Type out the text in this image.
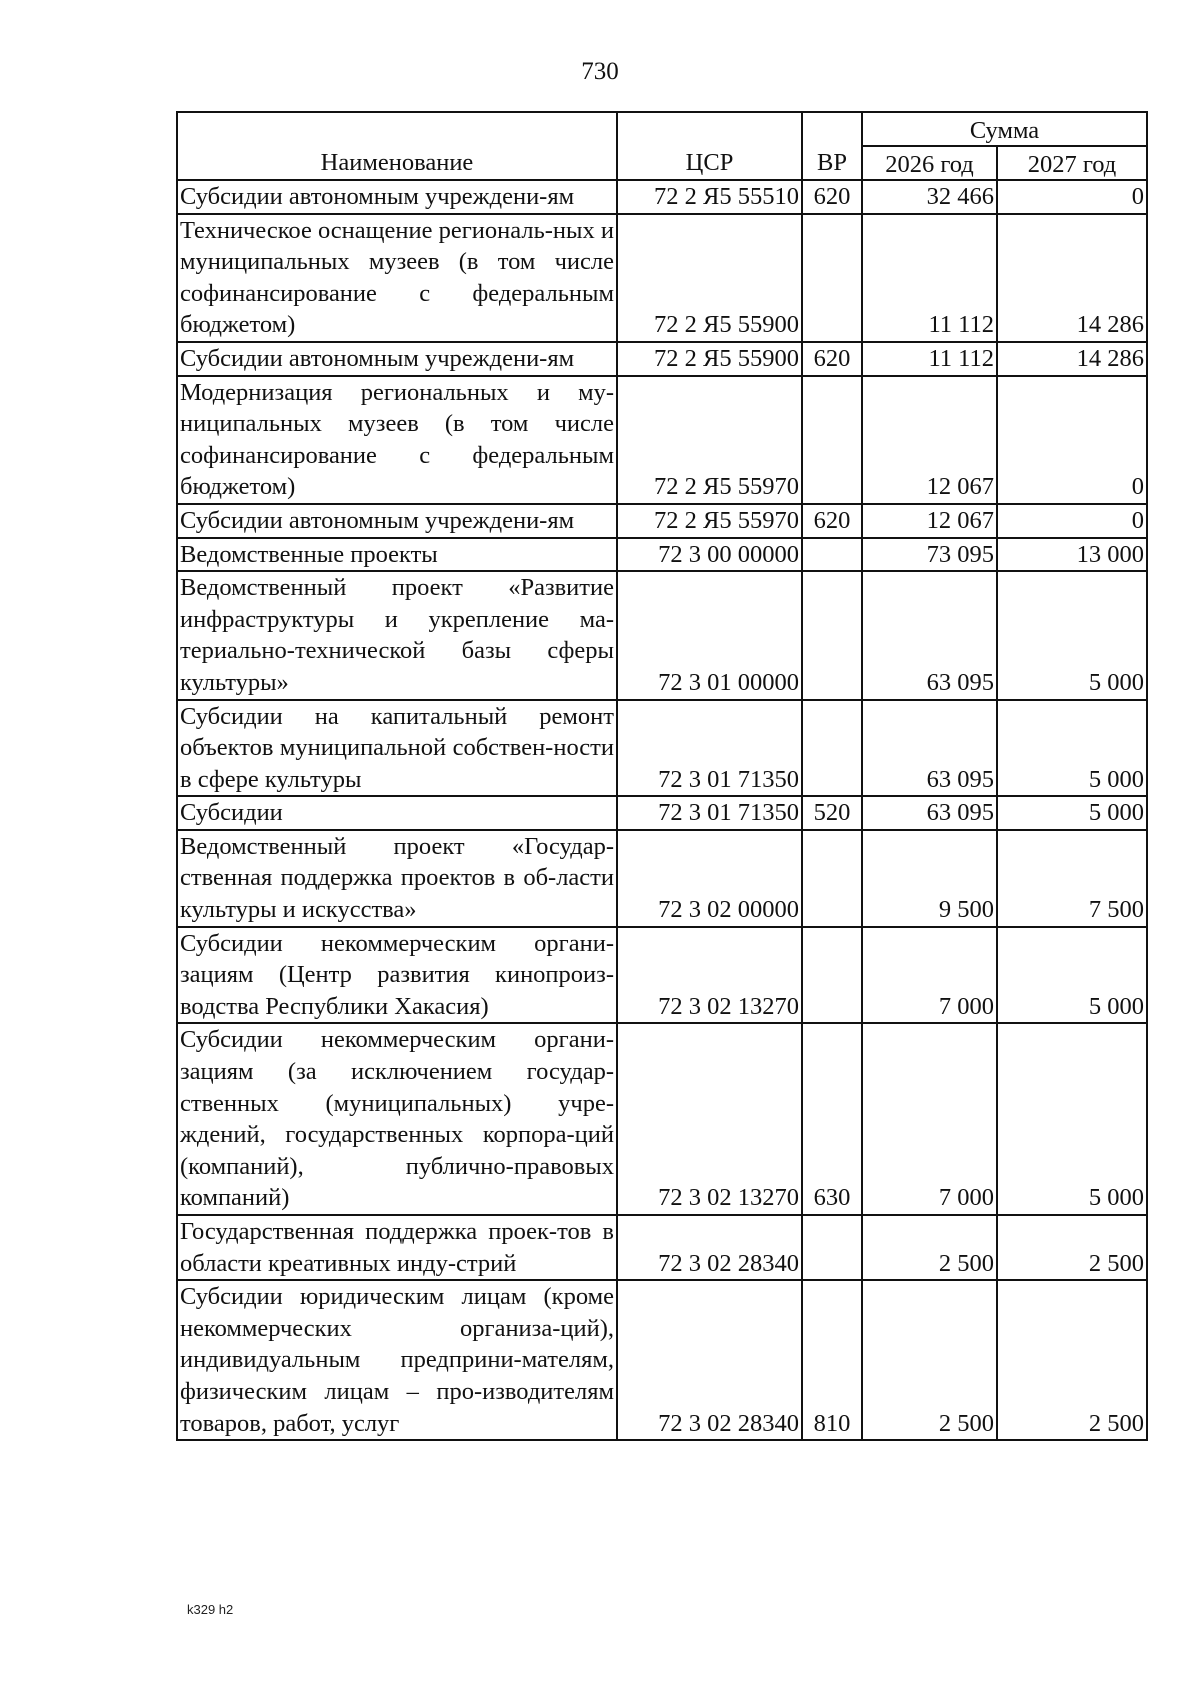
730
Наименование	ЦСР	ВР	Сумма	
			2026 год	2027 год
Субсидии автономным учреждени-ям	72 2 Я5 55510	620	32 466	0
Техническое оснащение региональ-ных и муниципальных музеев (в том числе софинансирование с федеральным бюджетом)	72 2 Я5 55900		11 112	14 286
Субсидии автономным учреждени-ям	72 2 Я5 55900	620	11 112	14 286
Модернизация региональных и му-ниципальных музеев (в том числе софинансирование с федеральным бюджетом)	72 2 Я5 55970		12 067	0
Субсидии автономным учреждени-ям	72 2 Я5 55970	620	12 067	0
Ведомственные проекты	72 3 00 00000		73 095	13 000
Ведомственный проект «Развитие инфраструктуры и укрепление ма-териально-технической базы сферы культуры»	72 3 01 00000		63 095	5 000
Субсидии на капитальный ремонт объектов муниципальной собствен-ности в сфере культуры	72 3 01 71350		63 095	5 000
Субсидии	72 3 01 71350	520	63 095	5 000
Ведомственный проект «Государ-ственная поддержка проектов в об-ласти культуры и искусства»	72 3 02 00000		9 500	7 500
Субсидии некоммерческим органи-зациям (Центр развития кинопроиз-водства Республики Хакасия)	72 3 02 13270		7 000	5 000
Субсидии некоммерческим органи-зациям (за исключением государ-ственных (муниципальных) учре-ждений, государственных корпора-ций (компаний), публично-правовых компаний)	72 3 02 13270	630	7 000	5 000
Государственная поддержка проек-тов в области креативных инду-стрий	72 3 02 28340		2 500	2 500
Субсидии юридическим лицам (кроме некоммерческих организа-ций), индивидуальным предприни-мателям, физическим лицам – про-изводителям товаров, работ, услуг	72 3 02 28340	810	2 500	2 500
k329 h2
